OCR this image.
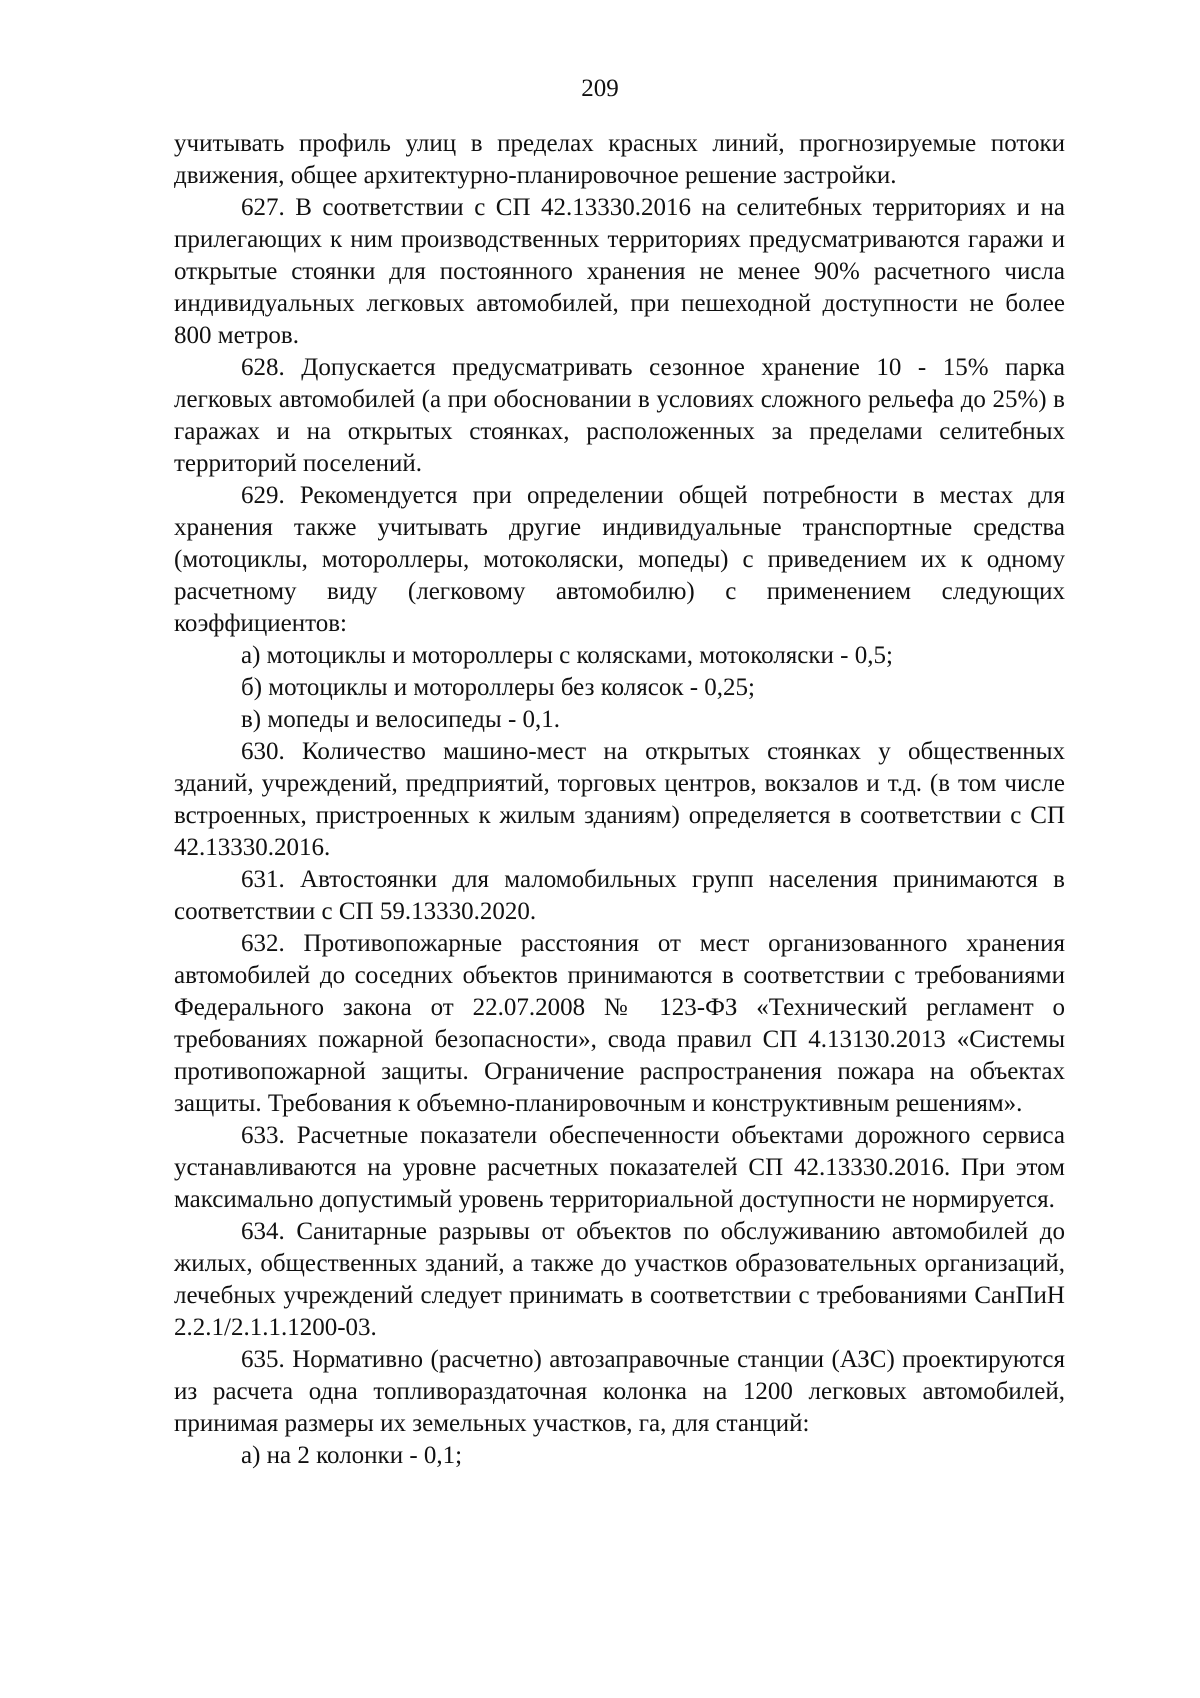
209

учитывать профиль улиц в пределах красных линий, прогнозируемые потоки движения, общее архитектурно-планировочное решение застройки.

627. В соответствии с СП 42.13330.2016 на селитебных территориях и на прилегающих к ним производственных территориях предусматриваются гаражи и открытые стоянки для постоянного хранения не менее 90% расчетного числа индивидуальных легковых автомобилей, при пешеходной доступности не более 800 метров.

628. Допускается предусматривать сезонное хранение 10 - 15% парка легковых автомобилей (а при обосновании в условиях сложного рельефа до 25%) в гаражах и на открытых стоянках, расположенных за пределами селитебных территорий поселений.

629. Рекомендуется при определении общей потребности в местах для хранения также учитывать другие индивидуальные транспортные средства (мотоциклы, мотороллеры, мотоколяски, мопеды) с приведением их к одному расчетному виду (легковому автомобилю) с применением следующих коэффициентов:

а) мотоциклы и мотороллеры с колясками, мотоколяски - 0,5;

б) мотоциклы и мотороллеры без колясок - 0,25;

в) мопеды и велосипеды - 0,1.

630. Количество машино-мест на открытых стоянках у общественных зданий, учреждений, предприятий, торговых центров, вокзалов и т.д. (в том числе встроенных, пристроенных к жилым зданиям) определяется в соответствии с СП 42.13330.2016.

631. Автостоянки для маломобильных групп населения принимаются в соответствии с СП 59.13330.2020.

632. Противопожарные расстояния от мест организованного хранения автомобилей до соседних объектов принимаются в соответствии с требованиями Федерального закона от 22.07.2008 № 123-ФЗ «Технический регламент о требованиях пожарной безопасности», свода правил СП 4.13130.2013 «Системы противопожарной защиты. Ограничение распространения пожара на объектах защиты. Требования к объемно-планировочным и конструктивным решениям».

633. Расчетные показатели обеспеченности объектами дорожного сервиса устанавливаются на уровне расчетных показателей СП 42.13330.2016. При этом максимально допустимый уровень территориальной доступности не нормируется.

634. Санитарные разрывы от объектов по обслуживанию автомобилей до жилых, общественных зданий, а также до участков образовательных организаций, лечебных учреждений следует принимать в соответствии с требованиями СанПиН 2.2.1/2.1.1.1200-03.

635. Нормативно (расчетно) автозаправочные станции (АЗС) проектируются из расчета одна топливораздаточная колонка на 1200 легковых автомобилей, принимая размеры их земельных участков, га, для станций:

а) на 2 колонки - 0,1;
